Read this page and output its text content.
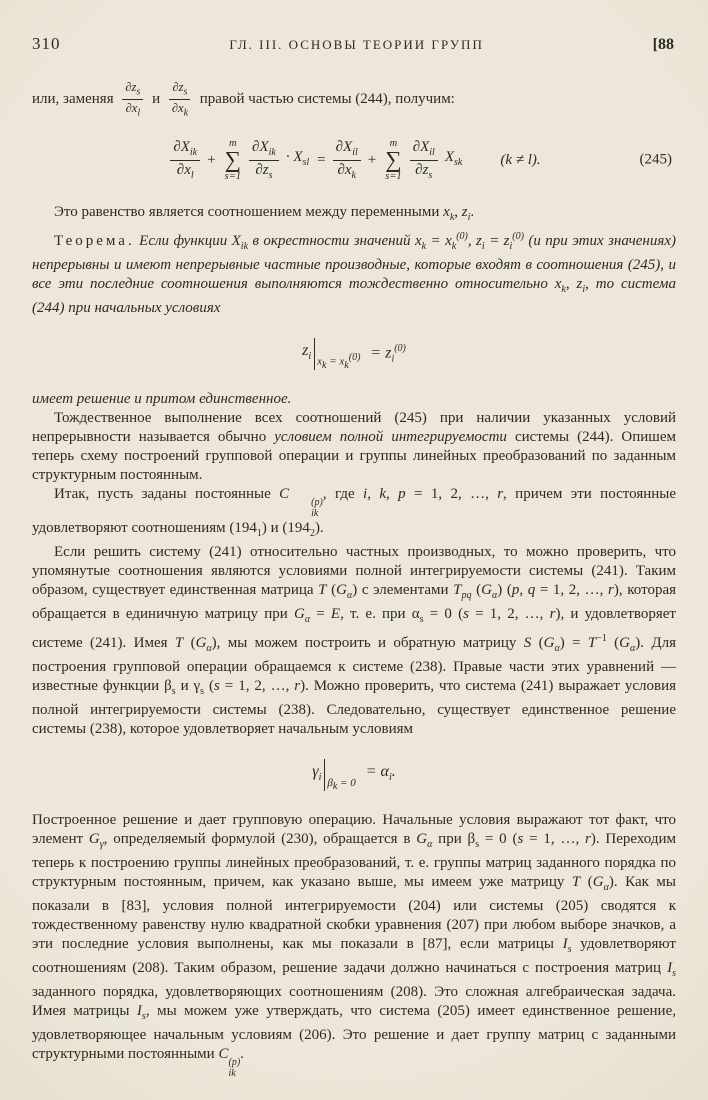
310	ГЛ. III. ОСНОВЫ ТЕОРИИ ГРУПП	[88

или, заменяя $\frac{\partial z_s}{\partial x_l}$ и $\frac{\partial z_s}{\partial x_k}$ правой частью системы (244), получим:

$\frac{\partial X_{ik}}{\partial x_l}$ +
m
∑
$s=1 \frac{\partial X_{ik}}{\partial z_s} \cdot X_{sl} = \frac{\partial X_{il}}{\partial x_k}$ +
m
∑
$s=1 \frac{\partial X_{il}}{\partial z_s} X_{sk}$	(k ≠ l).	(245)

Это равенство является соотношением между переменными $x_k$, $z_i$.

Теорема. Если функции $X_{ik}$ в окрестности значений $x_k = x_k^{(0)}$, $z_i = z_i^{(0)}$ (и при этих значениях) непрерывны и имеют непрерывные частные производные, которые входят в соотношения (245), и все эти последние соотношения выполняются тождественно относительно $x_k$, $z_i$, то система (244) при начальных условиях

$z_i$ $x_k = x_k^{(0)} = z_i^{(0)}$

имеет решение и притом единственное.

Тождественное выполнение всех соотношений (245) при наличии указанных условий непрерывности называется обычно условием полной интегрируемости системы (244). Опишем теперь схему построений групповой операции и группы линейных преобразований по заданным структурным постоянным.

Итак, пусть заданы постоянные C
(p)
ik
, где i, k, p = 1, 2, …, r, причем эти постоянные удовлетворяют соотношениям $(194_1)$ и $(194_2)$.

Если решить систему (241) относительно частных производных, то можно проверить, что упомянутые соотношения являются условиями полной интегрируемости системы (241). Таким образом, существует единственная матрица T $(G_\alpha)$ с элементами $T_{pq}$ $(G_\alpha)$ (p, q = 1, 2, …, r), которая обращается в единичную матрицу при $G_\alpha = E$, т. е. при $\alpha_s = 0$ (s = 1, 2, …, r), и удовлетворяет системе (241). Имея T $(G_\alpha)$, мы можем построить и обратную матрицу S $(G_\alpha) = T^{-1}$ $(G_\alpha)$. Для построения групповой операции обращаемся к системе (238). Правые части этих уравнений — известные функции $\beta_s$ и $\gamma_s$ (s = 1, 2, …, r). Можно проверить, что система (241) выражает условия полной интегрируемости системы (238). Следовательно, существует единственное решение системы (238), которое удовлетворяет начальным условиям

$\gamma_i$ $\beta_k = 0$
= $\alpha_i$.

Построенное решение и дает групповую операцию. Начальные условия выражают тот факт, что элемент $G_\gamma$, определяемый формулой (230), обращается в $G_\alpha$ при $\beta_s = 0$ (s = 1, …, r). Переходим теперь к построению группы линейных преобразований, т. е. группы матриц заданного порядка по структурным постоянным, причем, как указано выше, мы имеем уже матрицу T $(G_\alpha)$. Как мы показали в [83], условия полной интегрируемости (204) или системы (205) сводятся к тождественному равенству нулю квадратной скобки уравнения (207) при любом выборе значков, а эти последние условия выполнены, как мы показали в [87], если матрицы $I_s$ удовлетворяют соотношениям (208). Таким образом, решение задачи должно начинаться с построения матриц $I_s$ заданного порядка, удовлетворяющих соотношениям (208). Это сложная алгебраическая задача. Имея матрицы $I_s$, мы можем уже утверждать, что система (205) имеет единственное решение, удовлетворяющее начальным условиям (206). Это решение и дает группу матриц с заданными структурными постоянными C
(p)
ik
.
